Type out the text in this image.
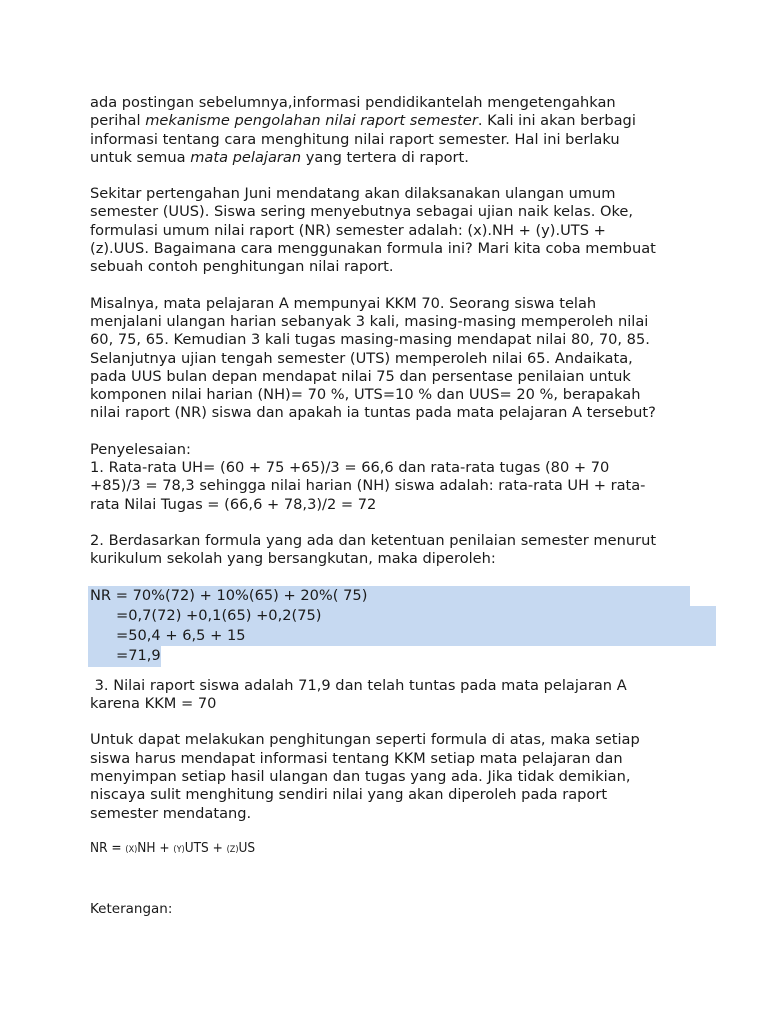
ada postingan sebelumnya,informasi pendidikantelah mengetengahkan
perihal mekanisme pengolahan nilai raport semester. Kali ini akan berbagi
informasi tentang cara menghitung nilai raport semester. Hal ini berlaku
untuk semua mata pelajaran yang tertera di raport.
Sekitar pertengahan Juni mendatang akan dilaksanakan ulangan umum
semester (UUS). Siswa sering menyebutnya sebagai ujian naik kelas. Oke,
formulasi umum nilai raport (NR) semester adalah: (x).NH + (y).UTS +
(z).UUS. Bagaimana cara menggunakan formula ini? Mari kita coba membuat
sebuah contoh penghitungan nilai raport.
Misalnya, mata pelajaran A mempunyai KKM 70. Seorang siswa telah
menjalani ulangan harian sebanyak 3 kali, masing-masing memperoleh nilai
60, 75, 65. Kemudian 3 kali tugas masing-masing mendapat nilai 80, 70, 85.
Selanjutnya ujian tengah semester (UTS) memperoleh nilai 65. Andaikata,
pada UUS bulan depan mendapat nilai 75 dan persentase penilaian untuk
komponen nilai harian (NH)= 70 %, UTS=10 % dan UUS= 20 %, berapakah
nilai raport (NR) siswa dan apakah ia tuntas pada mata pelajaran A tersebut?
Penyelesaian:
1. Rata-rata UH= (60 + 75 +65)/3 = 66,6 dan rata-rata tugas (80 + 70
+85)/3 = 78,3 sehingga nilai harian (NH) siswa adalah: rata-rata UH + rata-
rata Nilai Tugas = (66,6 + 78,3)/2 = 72
2. Berdasarkan formula yang ada dan ketentuan penilaian semester menurut
kurikulum sekolah yang bersangkutan, maka diperoleh:
NR = 70%(72) + 10%(65) + 20%( 75)
=0,7(72) +0,1(65) +0,2(75)
=50,4 + 6,5 + 15
=71,9
3. Nilai raport siswa adalah 71,9 dan telah tuntas pada mata pelajaran A
karena KKM = 70
Untuk dapat melakukan penghitungan seperti formula di atas, maka setiap
siswa harus mendapat informasi tentang KKM setiap mata pelajaran dan
menyimpan setiap hasil ulangan dan tugas yang ada. Jika tidak demikian,
niscaya sulit menghitung sendiri nilai yang akan diperoleh pada raport
semester mendatang.
NR = (X)NH + (Y)UTS + (Z)US
Keterangan:
